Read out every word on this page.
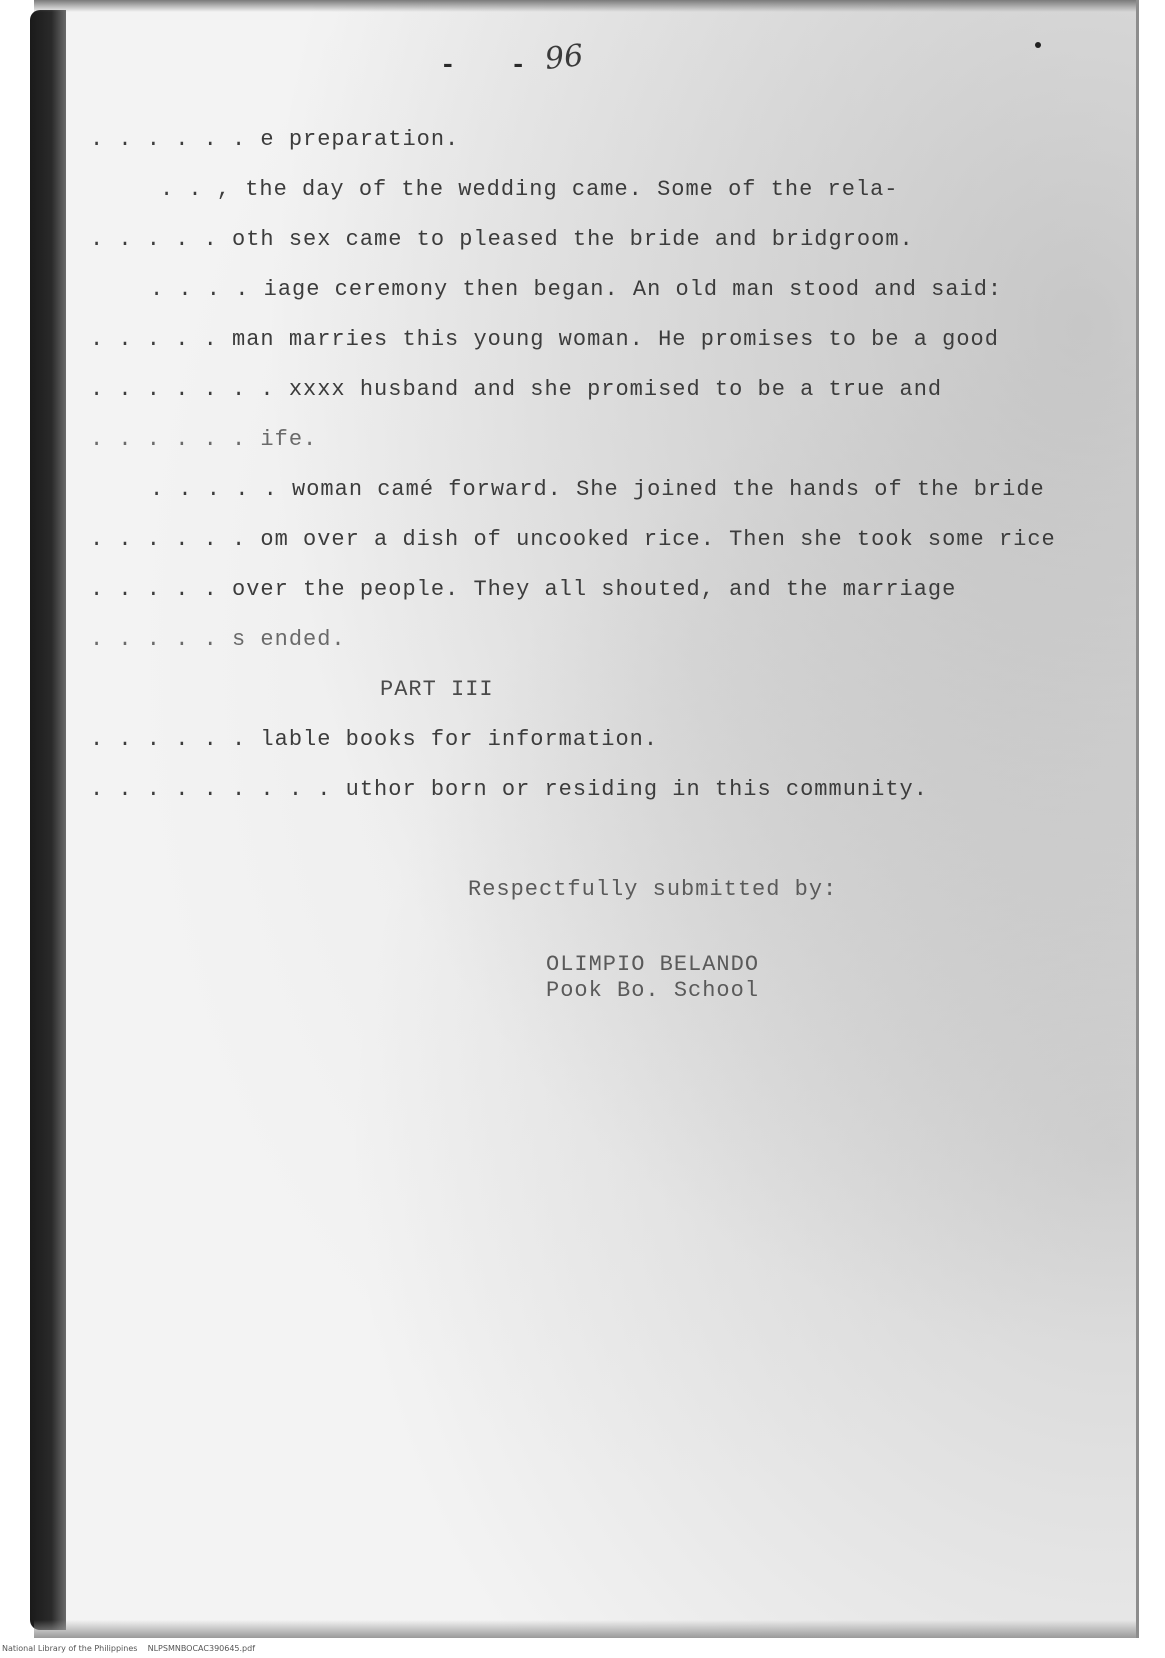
-   - 96
. . . . . . e preparation.
. . , the day of the wedding came. Some of the rela-
. . . . . oth sex came to pleased the bride and bridgroom.
. . . . iage ceremony then began. An old man stood and said:
. . . . . man marries this young woman. He promises to be a good
. . . . . . . xxxx husband and she promised to be a true and
. . . . . . ife.
. . . . . woman camé forward. She joined the hands of the bride
. . . . . . om over a dish of uncooked rice. Then she took some rice
. . . . . over the people. They all shouted, and the marriage
. . . . . s ended.
PART III
. . . . . . lable books for information.
. . . . . . . . . uthor born or residing in this community.
Respectfully submitted by:
OLIMPIO BELANDO
Pook Bo. School
National Library of the Philippines    NLPSMNBOCAC390645.pdf
